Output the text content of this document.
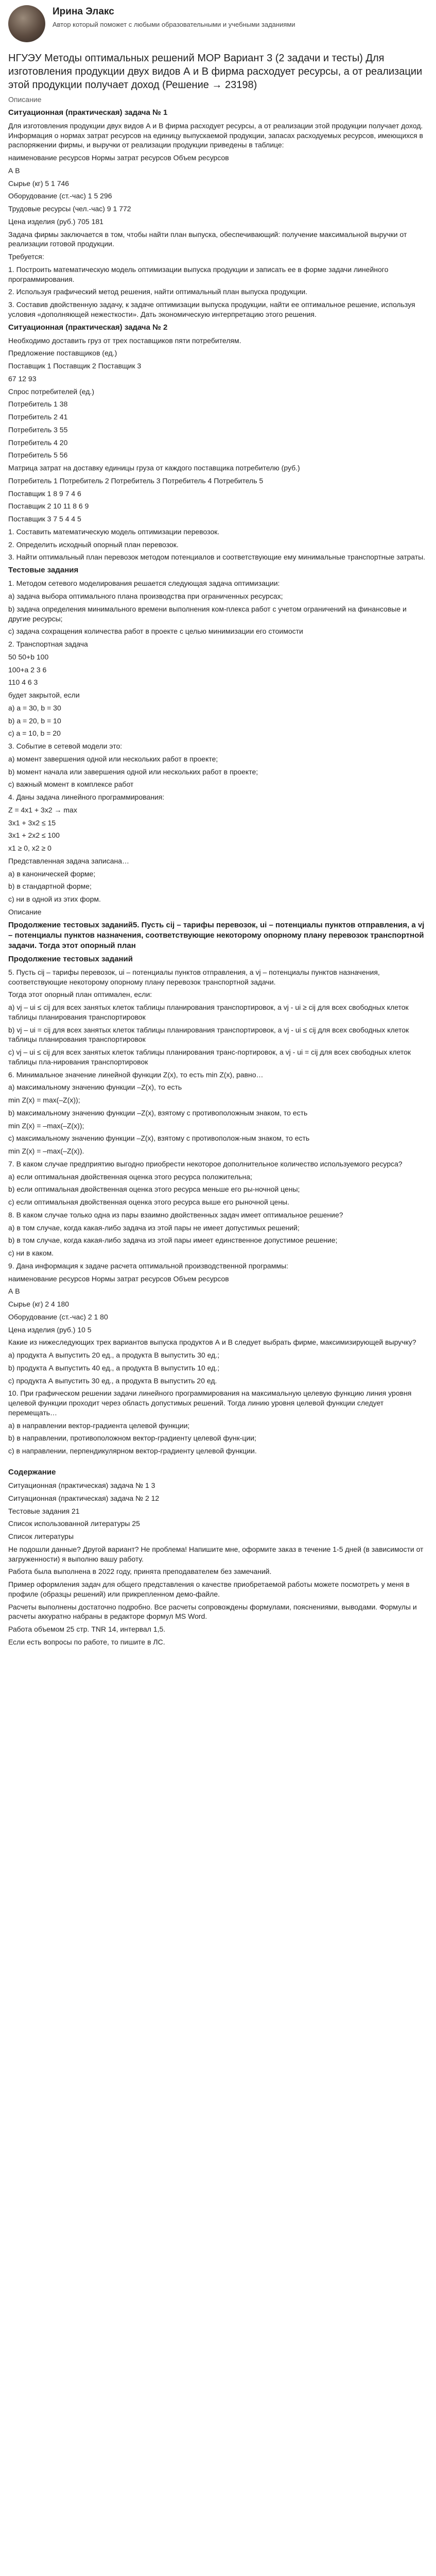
Ирина Элакс
Автор который поможет с любыми образовательными и учебными заданиями
НГУЭУ Методы оптимальных решений МОР Вариант 3 (2 задачи и тесты) Для изготовления продукции двух видов А и В фирма расходует ресурсы, а от реализации этой продукции получает доход (Решение → 23198)

Описание

Ситуационная (практическая) задача № 1

Для изготовления продукции двух видов А и В фирма расходует ресурсы, а от реализации этой продукции получает доход. Информация о нормах затрат ресурсов на единицу выпускаемой продукции, запасах расходуемых ресурсов, имеющихся в распоряжении фирмы, и выручки от реализации продукции приведены в таблице:

наименование ресурсов Нормы затрат ресурсов Объем ресурсов

А В

Сырье (кг) 5 1 746

Оборудование (ст.-час) 1 5 296

Трудовые ресурсы (чел.-час) 9 1 772

Цена изделия (руб.) 705 181

Задача фирмы заключается в том, чтобы найти план выпуска, обеспечивающий: получение максимальной выручки от реализации готовой продукции.

Требуется:

1. Построить математическую модель оптимизации выпуска продукции и записать ее в форме задачи линейного программирования.

2. Используя графический метод решения, найти оптимальный план выпуска продукции.

3. Составив двойственную задачу, к задаче оптимизации выпуска продукции, найти ее оптимальное решение, используя условия «дополняющей нежесткости». Дать экономическую интерпретацию этого решения.

Ситуационная (практическая) задача № 2

Необходимо доставить груз от трех поставщиков пяти потребителям.

Предложение поставщиков (ед.)

Поставщик 1 Поставщик 2 Поставщик 3

67 12 93

Спрос потребителей (ед.)

Потребитель 1 38

Потребитель 2 41

Потребитель 3 55

Потребитель 4 20

Потребитель 5 56

Матрица затрат на доставку единицы груза от каждого поставщика потребителю (руб.)

Потребитель 1 Потребитель 2 Потребитель 3 Потребитель 4 Потребитель 5

Поставщик 1 8 9 7 4 6

Поставщик 2 10 11 8 6 9

Поставщик 3 7 5 4 4 5

1. Составить математическую модель оптимизации перевозок.

2. Определить исходный опорный план перевозок.

3. Найти оптимальный план перевозок методом потенциалов и соответствующие ему минимальные транспортные затраты.

Тестовые задания

1. Методом сетевого моделирования решается следующая задача оптимизации:

а) задача выбора оптимального плана производства при ограниченных ресурсах;

b) задача определения минимального времени выполнения ком-плекса работ с учетом ограничений на финансовые и другие ресурсы;

c) задача сохращения количества работ в проекте с целью минимизации его стоимости

2. Транспортная задача

50 50+b 100

100+a 2 3 6

110 4 6 3

будет закрытой, если

а) a = 30, b = 30

b) a = 20, b = 10

c) a = 10, b = 20

3. Событие в сетевой модели это:

а) момент завершения одной или нескольких работ в проекте;

b) момент начала или завершения одной или нескольких работ в проекте;

c) важный момент в комплексе работ

4. Даны задача линейного программирования:

Z = 4x1 + 3x2 → max

3x1 + 3x2 ≤ 15

3x1 + 2x2 ≤ 100

x1 ≥ 0, x2 ≥ 0

Представленная задача записана…

а) в каноническей форме;

b) в стандартной форме;

c) ни в одной из этих форм.

Описание

Продолжение тестовых заданий5. Пусть cij – тарифы перевозок, ui – потенциалы пунктов отправления, a vj – потенциалы пунктов назначения, соответствующие некоторому опорному плану перевозок транспортной задачи. Тогда этот опорный план
Продолжение тестовых заданий

5. Пусть cij – тарифы перевозок, ui – потенциалы пунктов отправления, a vj – потенциалы пунктов назначения, соответствующие некоторому опорному плану перевозок транспортной задачи.

Тогда этот опорный план оптимален, если:

а) vj – ui ≤ cij для всех занятых клеток таблицы планирования транспортировок, a vj - ui ≥ cij для всех свободных клеток таблицы планирования транспортировок

b) vj – ui = cij для всех занятых клеток таблицы планирования транспортировок, a vj - ui ≤ cij для всех свободных клеток таблицы планирования транспортировок

c) vj – ui ≤ cij для всех занятых клеток таблицы планирования транс-портировок, a vj - ui = cij для всех свободных клеток таблицы пла-нирования транспортировок

6. Минимальное значение линейной функции Z(x), то есть min Z(x), равно…

а) максимальному значению функции –Z(x), то есть

min Z(x) = max(–Z(x));

b) максимальному значению функции –Z(x), взятому с противоположным знаком, то есть

min Z(x) = –max(–Z(x));

c) максимальному значению функции –Z(x), взятому с противополож-ным знаком, то есть

min Z(x) = –max(–Z(x)).

7. В каком случае предприятию выгодно приобрести некоторое дополнительное количество используемого ресурса?

а) если оптимальная двойственная оценка этого ресурса положительна;

b) если оптимальная двойственная оценка этого ресурса меньше его ры-ночной цены;

c) если оптимальная двойственная оценка этого ресурса выше его рыночной цены.

8. В каком случае только одна из пары взаимно двойственных задач имеет оптимальное решение?

а) в том случае, когда какая-либо задача из этой пары не имеет допустимых решений;

b) в том случае, когда какая-либо задача из этой пары имеет единственное допустимое решение;

c) ни в каком.

9. Дана информация к задаче расчета оптимальной производственной программы:

наименование ресурсов Нормы затрат ресурсов Объем ресурсов

А В

Сырье (кг) 2 4 180

Оборудование (ст.-час) 2 1 80

Цена изделия (руб.) 10 5

Какие из нижеследующих трех вариантов выпуска продуктов А и В следует выбрать фирме, максимизирующей выручку?

а) продукта А выпустить 20 ед., а продукта В выпустить 30 ед.;

b) продукта А выпустить 40 ед., а продукта В выпустить 10 ед.;

c) продукта А выпустить 30 ед., а продукта В выпустить 20 ед.

10. При графическом решении задачи линейного программирования на максимальную целевую функцию линия уровня целевой функции проходит через область допустимых решений. Тогда линию уровня целевой функции следует перемещать…

а) в направлении вектор-градиента целевой функции;

b) в направлении, противоположном вектор-градиенту целевой функ-ции;

c) в направлении, перпендикулярном вектор-градиенту целевой функции.

Содержание

Ситуационная (практическая) задача № 1 3

Ситуационная (практическая) задача № 2 12

Тестовые задания 21

Список использованной литературы 25

Список литературы

Не подошли данные? Другой вариант? Не проблема! Напишите мне, оформите заказ в течение 1-5 дней (в зависимости от загруженности) я выполню вашу работу.

Работа была выполнена в 2022 году, принята преподавателем без замечаний.

Пример оформления задач для общего представления о качестве приобретаемой работы можете посмотреть у меня в профиле (образцы решений) или прикрепленном демо-файле.

Расчеты выполнены достаточно подробно. Все расчеты сопровождены формулами, пояснениями, выводами. Формулы и расчеты аккуратно набраны в редакторе формул MS Word.

Работа объемом 25 стр. TNR 14, интервал 1,5.

Если есть вопросы по работе, то пишите в ЛС.
